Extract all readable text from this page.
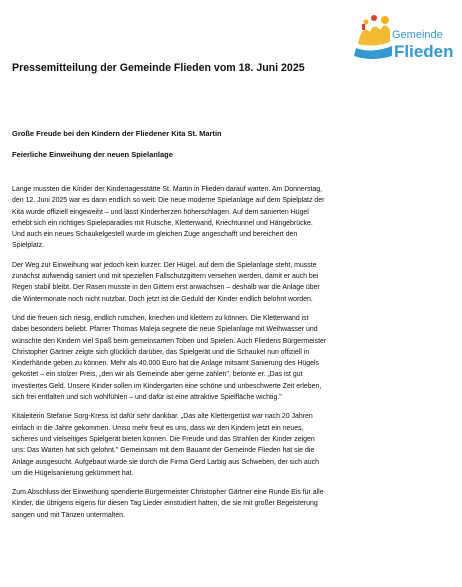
Gemeinde
Flieden
Pressemitteilung der Gemeinde Flieden vom 18. Juni 2025
Große Freude bei den Kindern der Fliedener Kita St. Martin
Feierliche Einweihung der neuen Spielanlage

Lange mussten die Kinder der Kindertagesstätte St. Martin in Flieden darauf warten. Am Donnerstag,
den 12. Juni 2025 war es dann endlich so weit: Die neue moderne Spielanlage auf dem Spielplatz der
Kita wurde offiziell eingeweiht – und lässt Kinderherzen höherschlagen. Auf dem sanierten Hügel
erhebt sich ein richtiges Spieleparadies mit Rutsche, Kletterwand, Kriechtunnel und Hängebrücke.
Und auch ein neues Schaukelgestell wurde im gleichen Zuge angeschafft und bereichert den
Spielplatz.

Der Weg zur Einweihung war jedoch kein kurzer: Der Hügel, auf dem die Spielanlage steht, musste
zunächst aufwendig saniert und mit speziellen Fallschutzgittern versehen werden, damit er auch bei
Regen stabil bleibt. Der Rasen musste in den Gittern erst anwachsen – deshalb war die Anlage über
die Wintermonate noch nicht nutzbar. Doch jetzt ist die Geduld der Kinder endlich belohnt worden.

Und die freuen sich riesig, endlich rutschen, kriechen und klettern zu können. Die Kletterwand ist
dabei besonders beliebt. Pfarrer Thomas Maleja segnete die neue Spielanlage mit Weihwasser und
wünschte den Kindern viel Spaß beim gemeinsamen Toben und Spielen. Auch Fliedens Bürgermeister
Christopher Gärtner zeigte sich glücklich darüber, das Spielgerät und die Schaukel nun offiziell in
Kinderhände geben zu können. Mehr als 40.000 Euro hat die Anlage mitsamt Sanierung des Hügels
gekostet – ein stolzer Preis, „den wir als Gemeinde aber gerne zahlen", betonte er. „Das ist gut
investiertes Geld. Unsere Kinder sollen im Kindergarten eine schöne und unbeschwerte Zeit erleben,
sich frei entfalten und sich wohlfühlen – und dafür ist eine attraktive Spielfläche wichtig."

Kitaleiterin Stefanie Sorg-Kress ist dafür sehr dankbar. „Das alte Klettergerüst war nach 20 Jahren
einfach in die Jahre gekommen. Umso mehr freut es uns, dass wir den Kindern jetzt ein neues,
sicheres und vielseitiges Spielgerät bieten können. Die Freude und das Strahlen der Kinder zeigen
uns: Das Warten hat sich gelohnt." Gemeinsam mit dem Bauamt der Gemeinde Flieden hat sie die
Anlage ausgesucht. Aufgebaut wurde sie durch die Firma Gerd Larbig aus Schweben, der sich auch
um die Hügelsanierung gekümmert hat.

Zum Abschluss der Einweihung spendierte Bürgermeister Christopher Gärtner eine Runde Eis für alle
Kinder, die übrigens eigens für diesen Tag Lieder einstudiert hatten, die sie mit großer Begeisterung
sangen und mit Tänzen untermalten.
